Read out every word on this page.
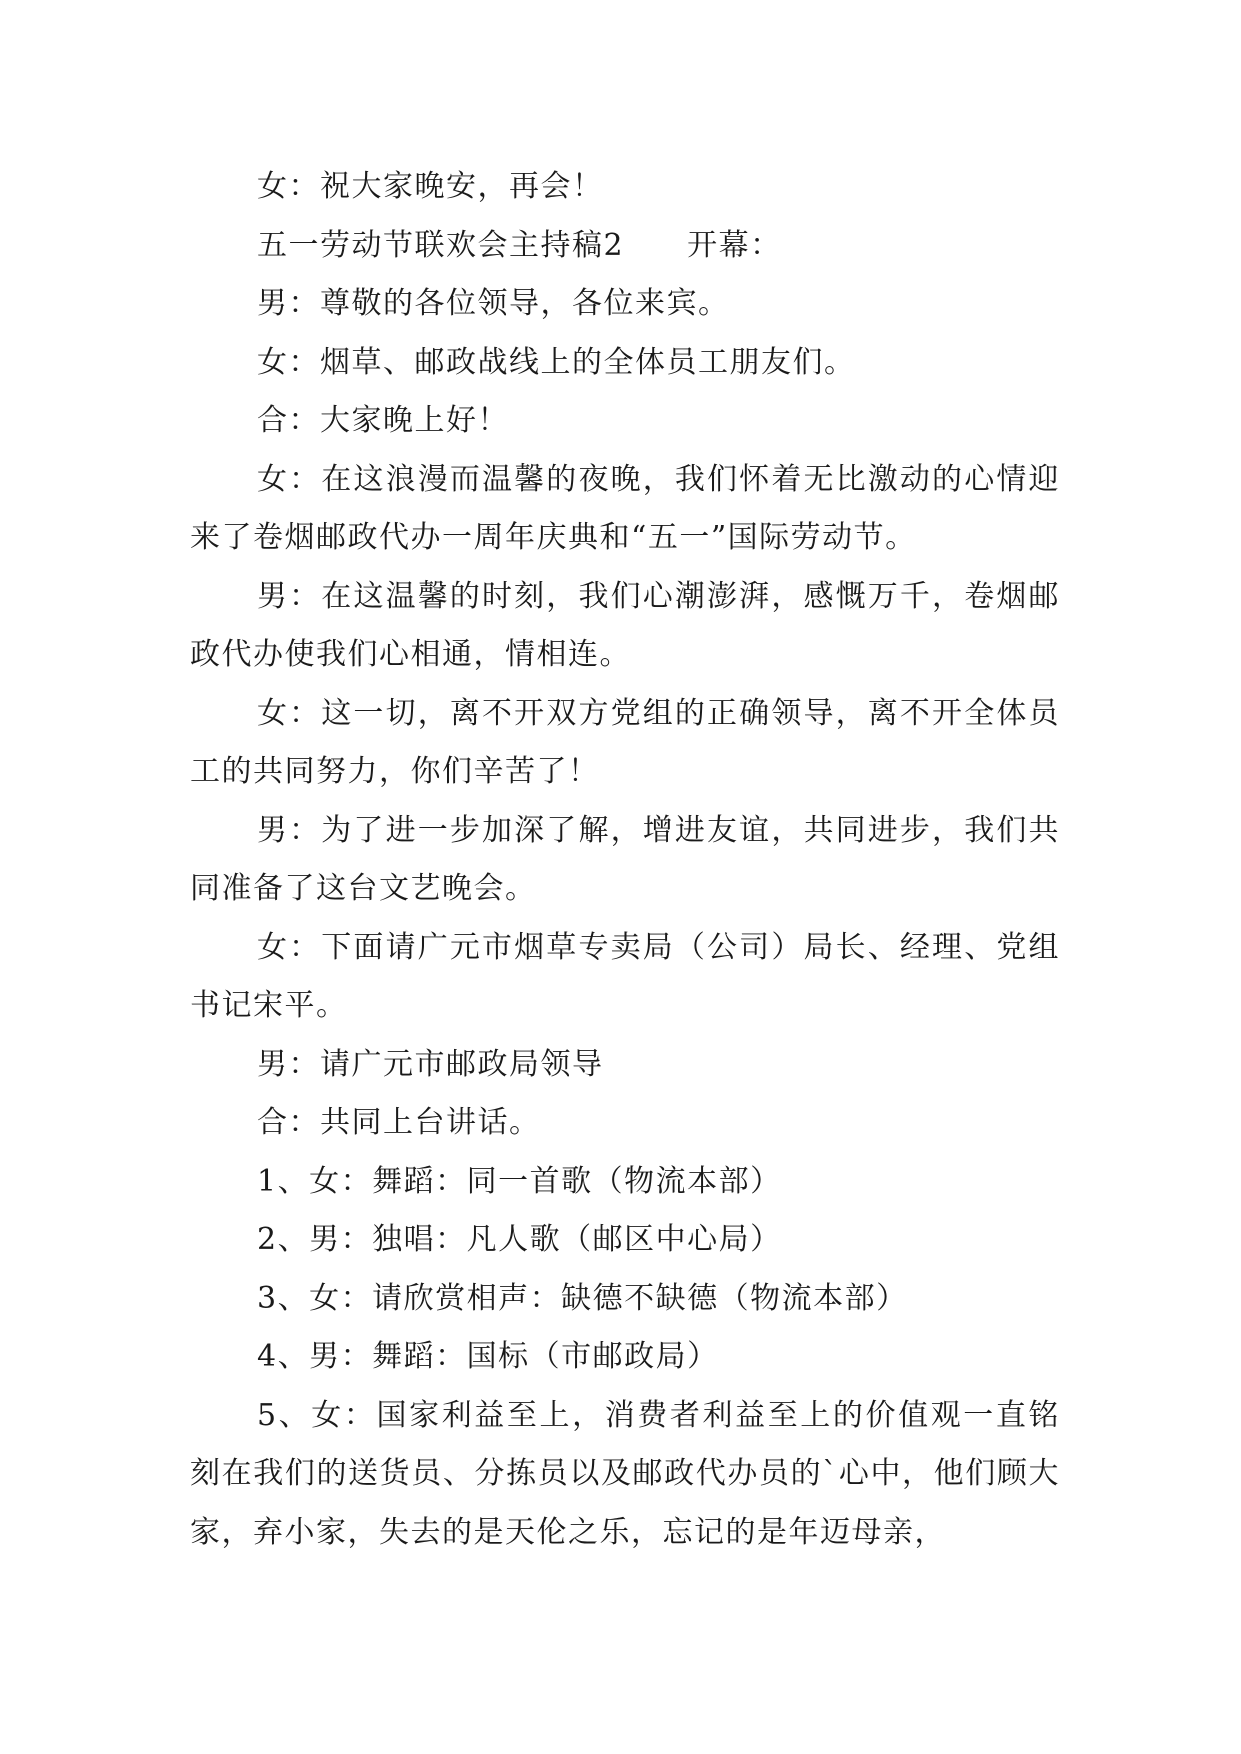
女：祝大家晚安，再会！

五一劳动节联欢会主持稿2　　开幕：

男：尊敬的各位领导，各位来宾。

女：烟草、邮政战线上的全体员工朋友们。

合：大家晚上好！

女：在这浪漫而温馨的夜晚，我们怀着无比激动的心情迎来了卷烟邮政代办一周年庆典和“五一”国际劳动节。

男：在这温馨的时刻，我们心潮澎湃，感慨万千，卷烟邮政代办使我们心相通，情相连。

女：这一切，离不开双方党组的正确领导，离不开全体员工的共同努力，你们辛苦了！

男：为了进一步加深了解，增进友谊，共同进步，我们共同准备了这台文艺晚会。

女：下面请广元市烟草专卖局（公司）局长、经理、党组书记宋平。

男：请广元市邮政局领导

合：共同上台讲话。

1、女：舞蹈：同一首歌（物流本部）

2、男：独唱：凡人歌（邮区中心局）

3、女：请欣赏相声：缺德不缺德（物流本部）

4、男：舞蹈：国标（市邮政局）

5、女：国家利益至上，消费者利益至上的价值观一直铭刻在我们的送货员、分拣员以及邮政代办员的`心中，他们顾大家，弃小家，失去的是天伦之乐，忘记的是年迈母亲，
